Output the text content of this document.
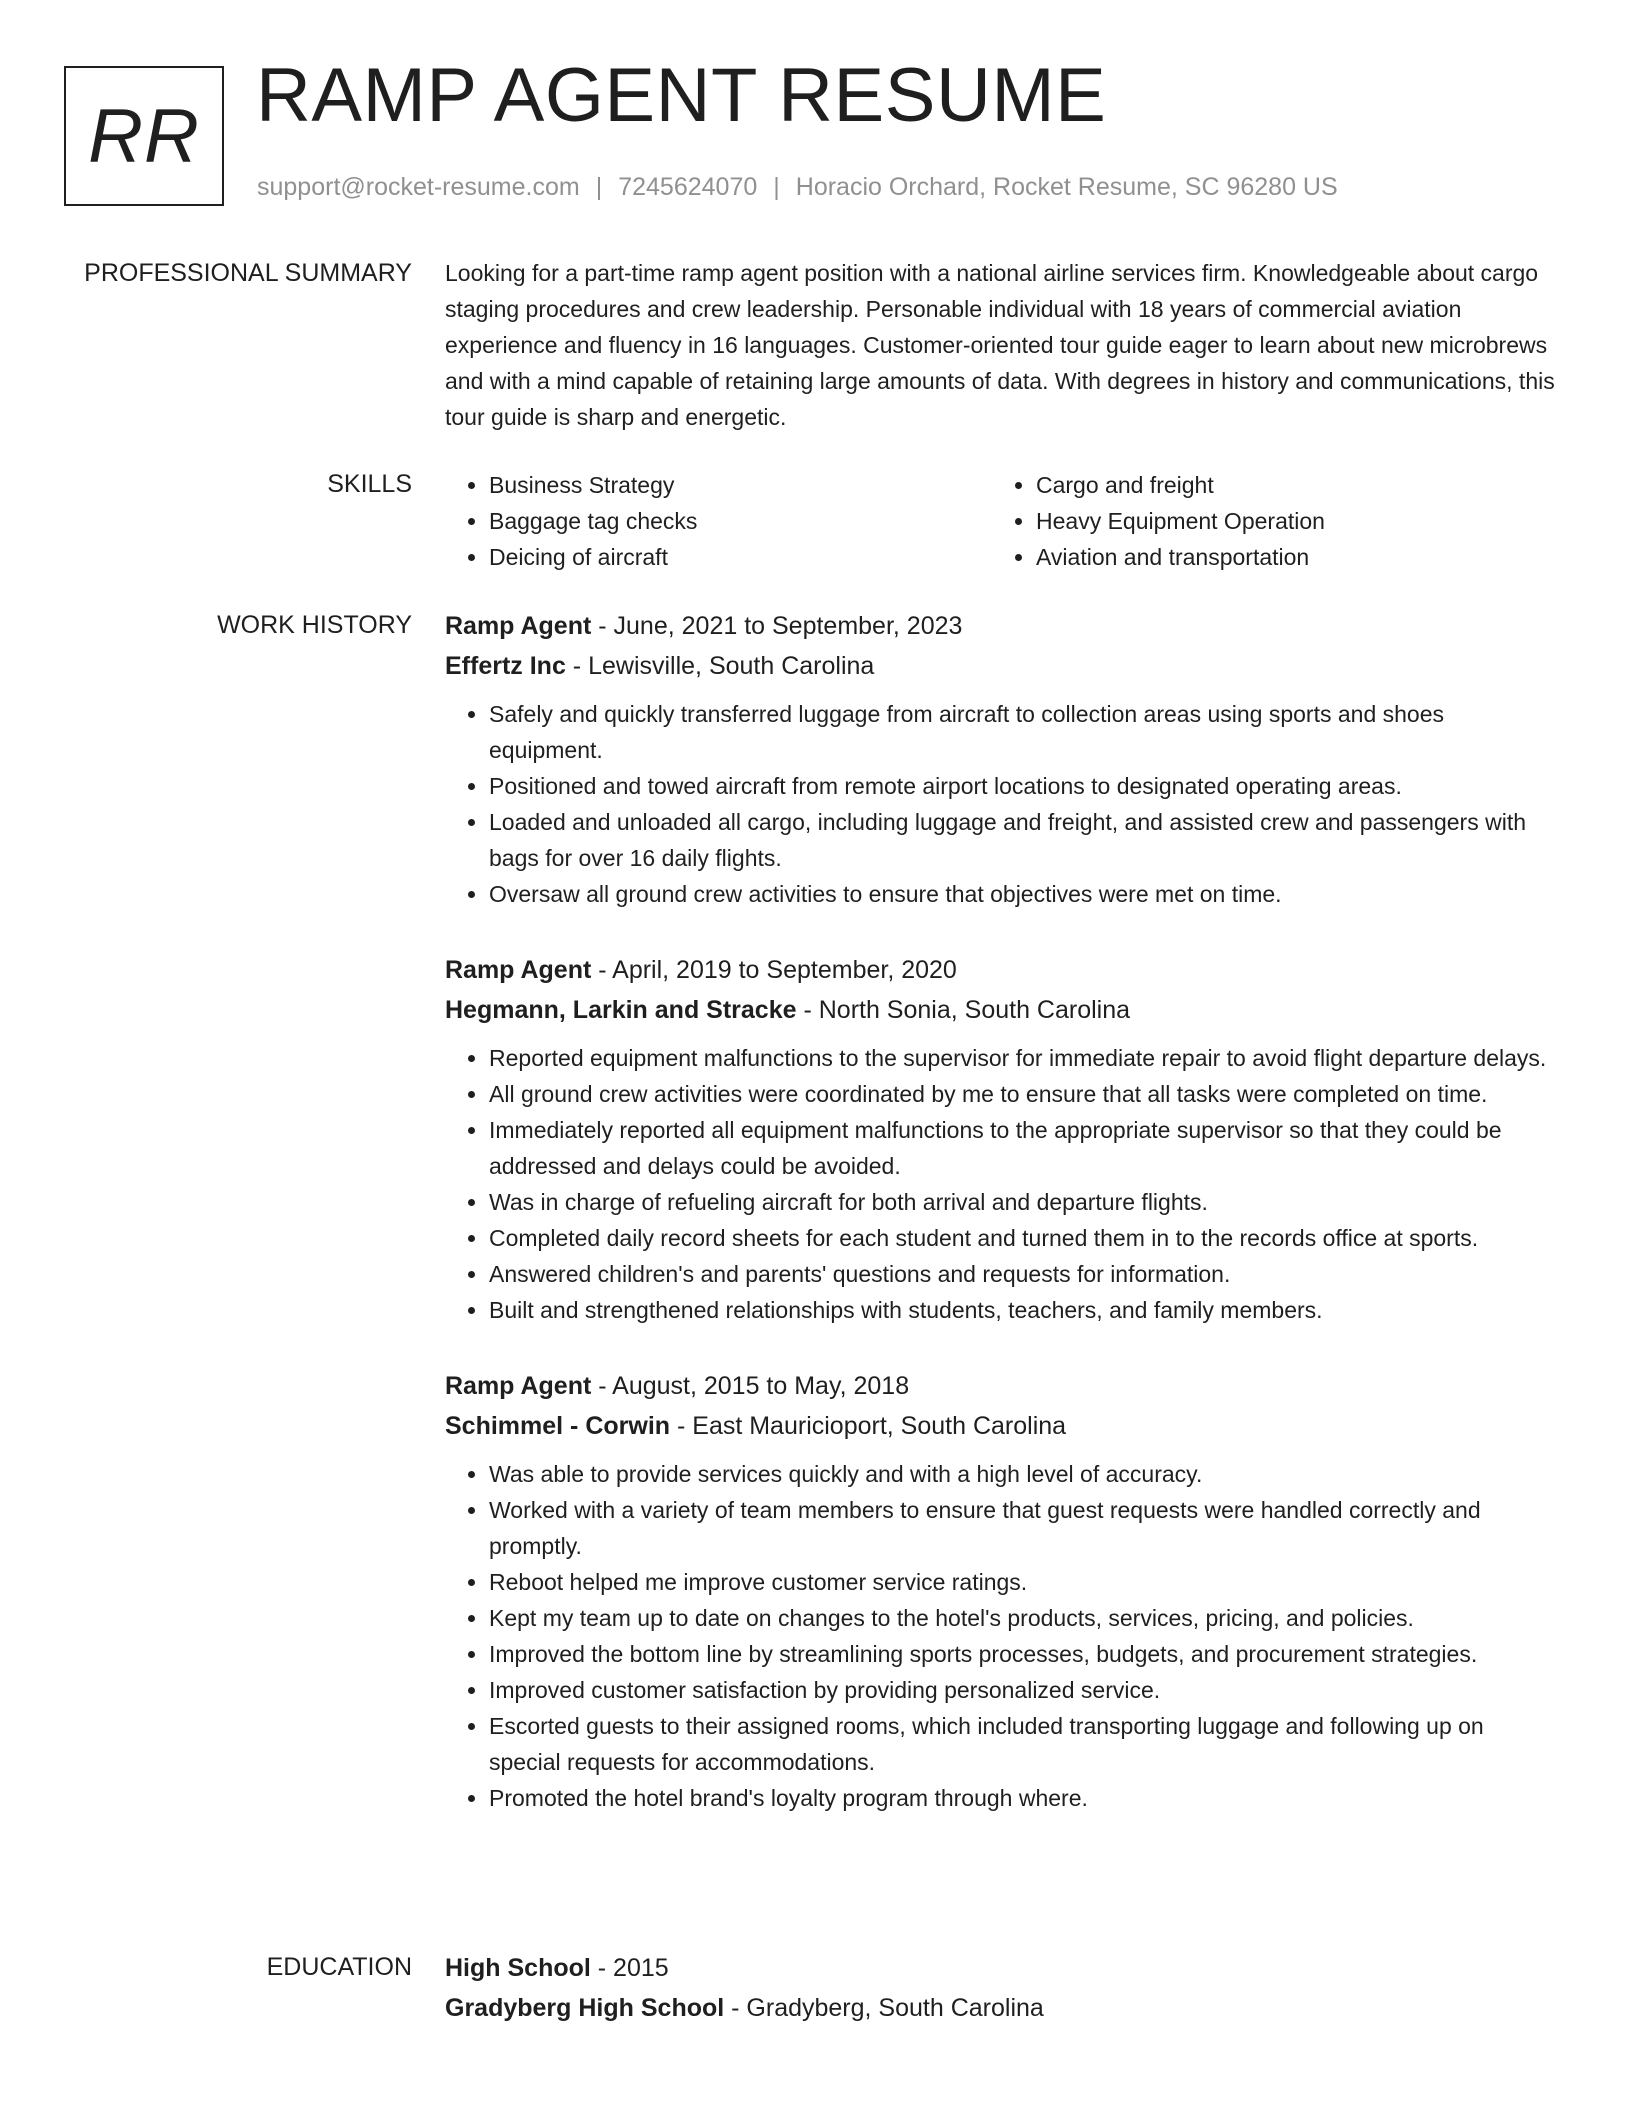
RR RAMP AGENT RESUME
support@rocket-resume.com | 7245624070 | Horacio Orchard, Rocket Resume, SC 96280 US
PROFESSIONAL SUMMARY Looking for a part-time ramp agent position with a national airline services firm. Knowledgeable about cargo staging procedures and crew leadership. Personable individual with 18 years of commercial aviation experience and fluency in 16 languages. Customer-oriented tour guide eager to learn about new microbrews and with a mind capable of retaining large amounts of data. With degrees in history and communications, this tour guide is sharp and energetic.

SKILLS
•	Business Strategy
• Baggage tag checks
• Deicing of aircraft
• Cargo and freight
• Heavy Equipment Operation
• Aviation and transportation
WORK HISTORY Ramp Agent - June, 2021 to September, 2023
Effertz Inc - Lewisville, South Carolina
• Safely and quickly transferred luggage from aircraft to collection areas using sports and shoes equipment.
• Positioned and towed aircraft from remote airport locations to designated operating areas.
• Loaded and unloaded all cargo, including luggage and freight, and assisted crew and passengers with bags for over 16 daily flights.
• Oversaw all ground crew activities to ensure that objectives were met on time.
Ramp Agent - April, 2019 to September, 2020
Hegmann, Larkin and Stracke - North Sonia, South Carolina
• Reported equipment malfunctions to the supervisor for immediate repair to avoid flight departure delays.
• All ground crew activities were coordinated by me to ensure that all tasks were completed on time.
• Immediately reported all equipment malfunctions to the appropriate supervisor so that they could be addressed and delays could be avoided.
• Was in charge of refueling aircraft for both arrival and departure flights.
• Completed daily record sheets for each student and turned them in to the records office at sports.
• Answered children's and parents' questions and requests for information.
• Built and strengthened relationships with students, teachers, and family members.
Ramp Agent - August, 2015 to May, 2018
Schimmel - Corwin - East Mauricioport, South Carolina
• Was able to provide services quickly and with a high level of accuracy.
• Worked with a variety of team members to ensure that guest requests were handled correctly and promptly.
• Reboot helped me improve customer service ratings.
• Kept my team up to date on changes to the hotel's products, services, pricing, and policies.
• Improved the bottom line by streamlining sports processes, budgets, and procurement strategies.
• Improved customer satisfaction by providing personalized service.
• Escorted guests to their assigned rooms, which included transporting luggage and following up on special requests for accommodations.
• Promoted the hotel brand's loyalty program through where.
EDUCATION High School - 2015
Gradyberg High School - Gradyberg, South Carolina
